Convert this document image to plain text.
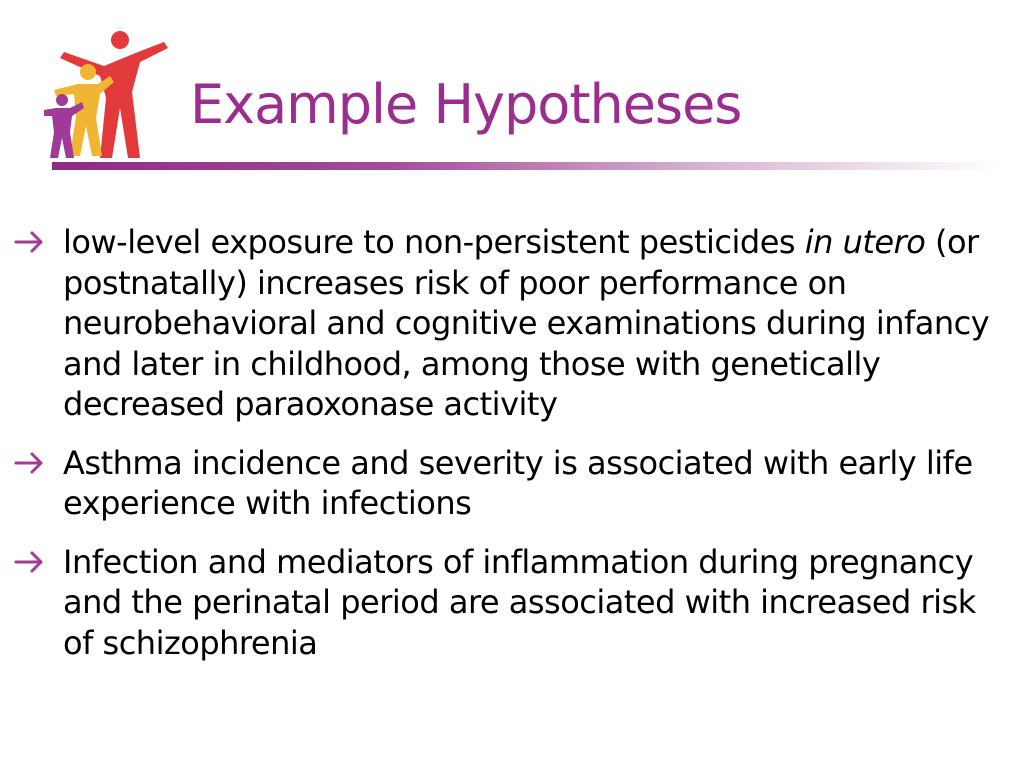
Example Hypotheses
low-level exposure to non-persistent pesticides in utero (or postnatally) increases risk of poor performance on neurobehavioral and cognitive examinations during infancy and later in childhood, among those with genetically decreased paraoxonase activity
Asthma incidence and severity is associated with early life experience with infections
Infection and mediators of inflammation during pregnancy and the perinatal period are associated with increased risk of schizophrenia
